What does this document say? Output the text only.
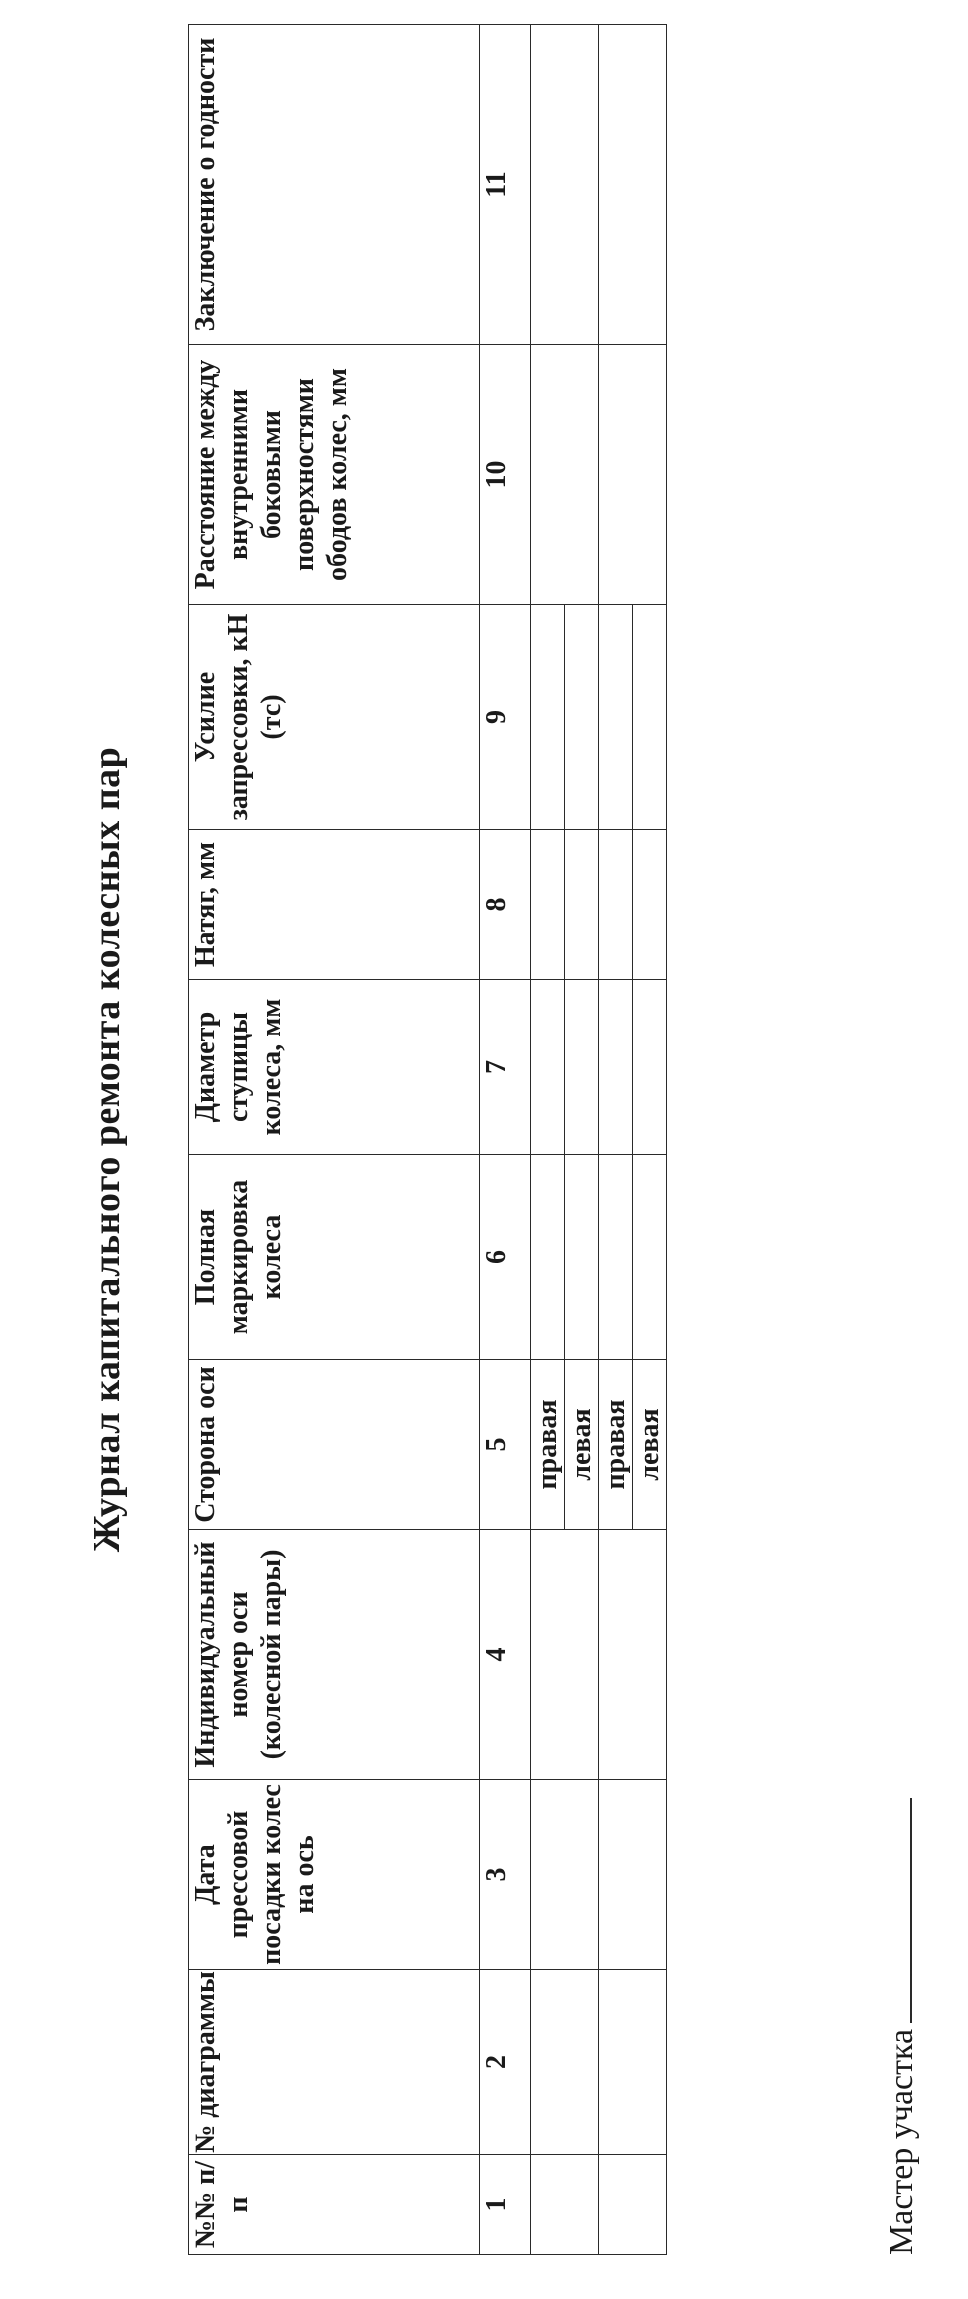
Журнал капитального ремонта колесных пар
№№ п/п	№ диаграммы	Дата прессовой посадки колес на ось	Индивидуальный номер оси (колесной пары)	Сторона оси	Полная маркировка колеса	Диаметр ступицы колеса, мм	Натяг, мм	Усилие запрессовки, кН (тс)	Расстояние между внутренними боковыми поверхностями ободов колес, мм	Заключение о годности
1	2	3	4	5	6	7	8	9	10	11
				правая						
				левая						
				правая						
				левая						
Мастер участка
